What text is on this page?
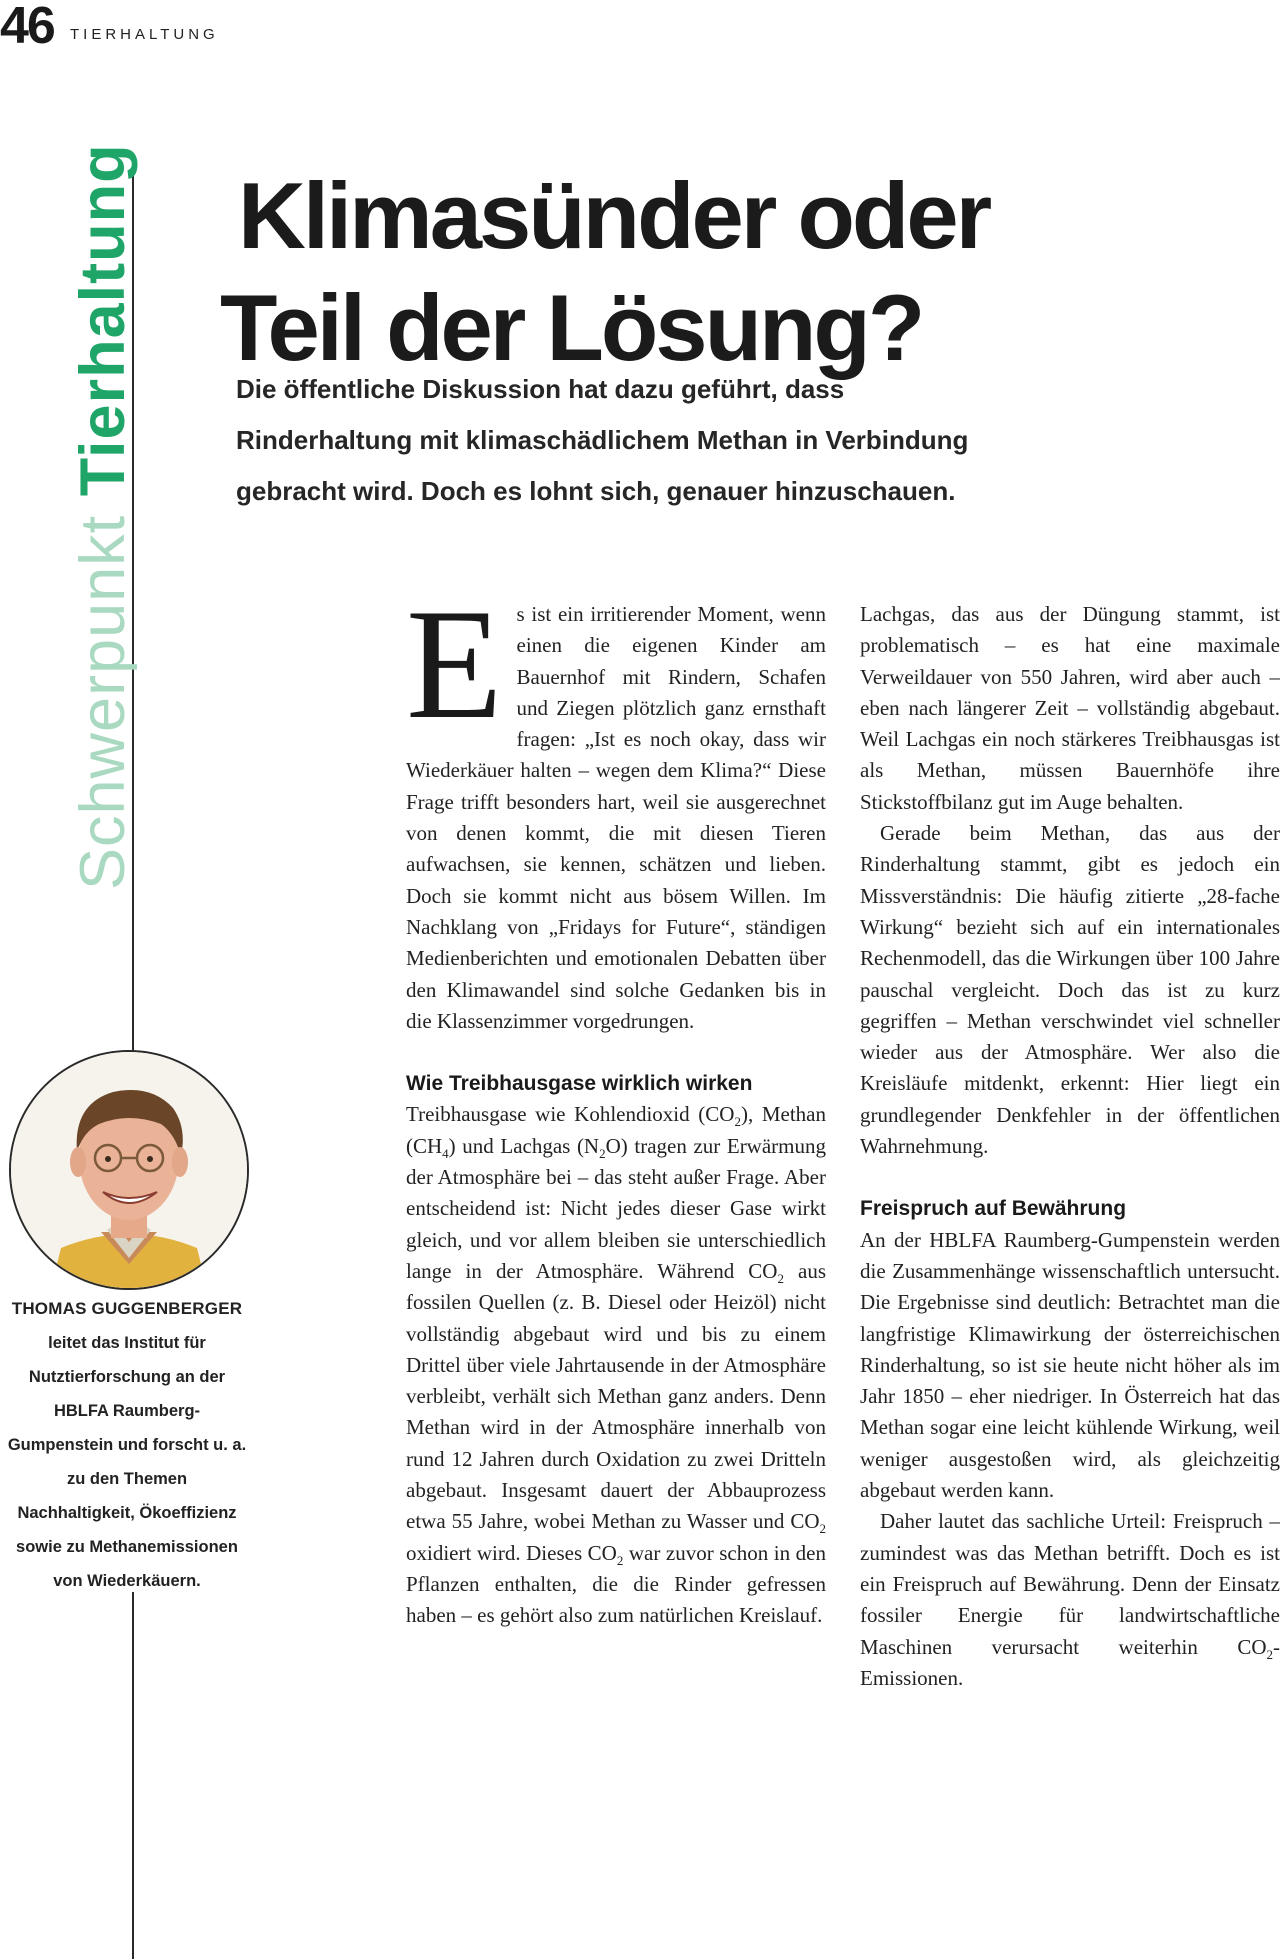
46 TIERHALTUNG
Schwerpunkt Tierhaltung Klimasünder oder
Teil der Lösung?

Die öffentliche Diskussion hat dazu geführt, dass Rinderhaltung mit klimaschädlichem Methan in Verbindung gebracht wird. Doch es lohnt sich, genauer hinzuschauen.

THOMAS GUGGENBERGER
leitet das Institut für Nutztierforschung an der HBLFA Raumberg-Gumpenstein und forscht u. a. zu den Themen Nachhaltigkeit, Ökoeffizienz sowie zu Methanemissionen von Wiederkäuern.

E s ist ein irritierender Moment, wenn einen die eigenen Kinder am Bauernhof mit Rindern, Schafen und Ziegen plötzlich ganz ernsthaft fragen: „Ist es noch okay, dass wir Wiederkäuer halten – wegen dem Klima?“ Diese Frage trifft besonders hart, weil sie ausgerechnet von denen kommt, die mit diesen Tieren aufwachsen, sie kennen, schätzen und lieben. Doch sie kommt nicht aus bösem Willen. Im Nachklang von „Fridays for Future“, ständigen Medienberichten und emotionalen Debatten über den Klimawandel sind solche Gedanken bis in die Klassenzimmer vorgedrungen.

Wie Treibhausgase wirklich wirken

Treibhausgase wie Kohlendioxid $(CO_2)$, Methan $(CH_4)$ und Lachgas $(N_2O)$ tragen zur Erwärmung der Atmosphäre bei – das steht außer Frage. Aber entscheidend ist: Nicht jedes dieser Gase wirkt gleich, und vor allem bleiben sie unterschiedlich lange in der Atmosphäre. Während $CO_2$ aus fossilen Quellen (z. B. Diesel oder Heizöl) nicht vollständig abgebaut wird und bis zu einem Drittel über viele Jahrtausende in der Atmosphäre verbleibt, verhält sich Methan ganz anders. Denn Methan wird in der Atmosphäre innerhalb von rund 12 Jahren durch Oxidation zu zwei Dritteln abgebaut. Insgesamt dauert der Abbauprozess etwa 55 Jahre, wobei Methan zu Wasser und $CO_2$ oxidiert wird. Dieses $CO_2$ war zuvor schon in den Pflanzen enthalten, die die Rinder gefressen haben – es gehört also zum natürlichen Kreislauf.

Lachgas, das aus der Düngung stammt, ist problematisch – es hat eine maximale Verweildauer von 550 Jahren, wird aber auch – eben nach längerer Zeit – vollständig abgebaut. Weil Lachgas ein noch stärkeres Treibhausgas ist als Methan, müssen Bauernhöfe ihre Stickstoffbilanz gut im Auge behalten.

Gerade beim Methan, das aus der Rinderhaltung stammt, gibt es jedoch ein Missverständnis: Die häufig zitierte „28-fache Wirkung“ bezieht sich auf ein internationales Rechenmodell, das die Wirkungen über 100 Jahre pauschal vergleicht. Doch das ist zu kurz gegriffen – Methan verschwindet viel schneller wieder aus der Atmosphäre. Wer also die Kreisläufe mitdenkt, erkennt: Hier liegt ein grundlegender Denkfehler in der öffentlichen Wahrnehmung.

Freispruch auf Bewährung

An der HBLFA Raumberg-Gumpenstein werden die Zusammenhänge wissenschaftlich untersucht. Die Ergebnisse sind deutlich: Betrachtet man die langfristige Klimawirkung der österreichischen Rinderhaltung, so ist sie heute nicht höher als im Jahr 1850 – eher niedriger. In Österreich hat das Methan sogar eine leicht kühlende Wirkung, weil weniger ausgestoßen wird, als gleichzeitig abgebaut werden kann.

Daher lautet das sachliche Urteil: Freispruch – zumindest was das Methan betrifft. Doch es ist ein Freispruch auf Bewährung. Denn der Einsatz fossiler Energie für landwirtschaftliche Maschinen verursacht weiterhin $CO_2$-Emissionen.
